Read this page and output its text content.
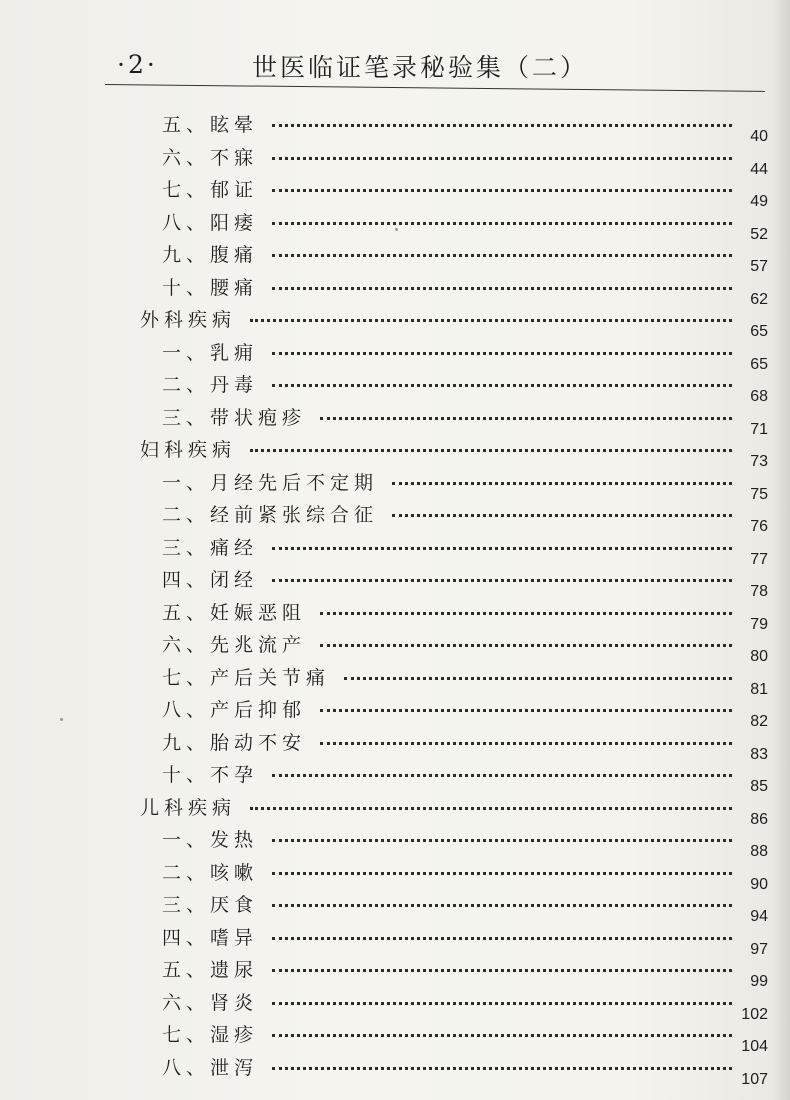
·2·	世医临证笔录秘验集（二）
五、眩晕
40
六、不寐
44
七、郁证
49
八、阳痿
52
九、腹痛
57
十、腰痛
62
外科疾病
65
一、乳痈
65
二、丹毒
68
三、带状疱疹
71
妇科疾病
73
一、月经先后不定期
75
二、经前紧张综合征
76
三、痛经
77
四、闭经
78
五、妊娠恶阻
79
六、先兆流产
80
七、产后关节痛
81
八、产后抑郁
82
九、胎动不安
83
十、不孕
85
儿科疾病
86
一、发热
88
二、咳嗽
90
三、厌食
94
四、嗜异
97
五、遗尿
99
六、肾炎
102
七、湿疹
104
八、泄泻
107
